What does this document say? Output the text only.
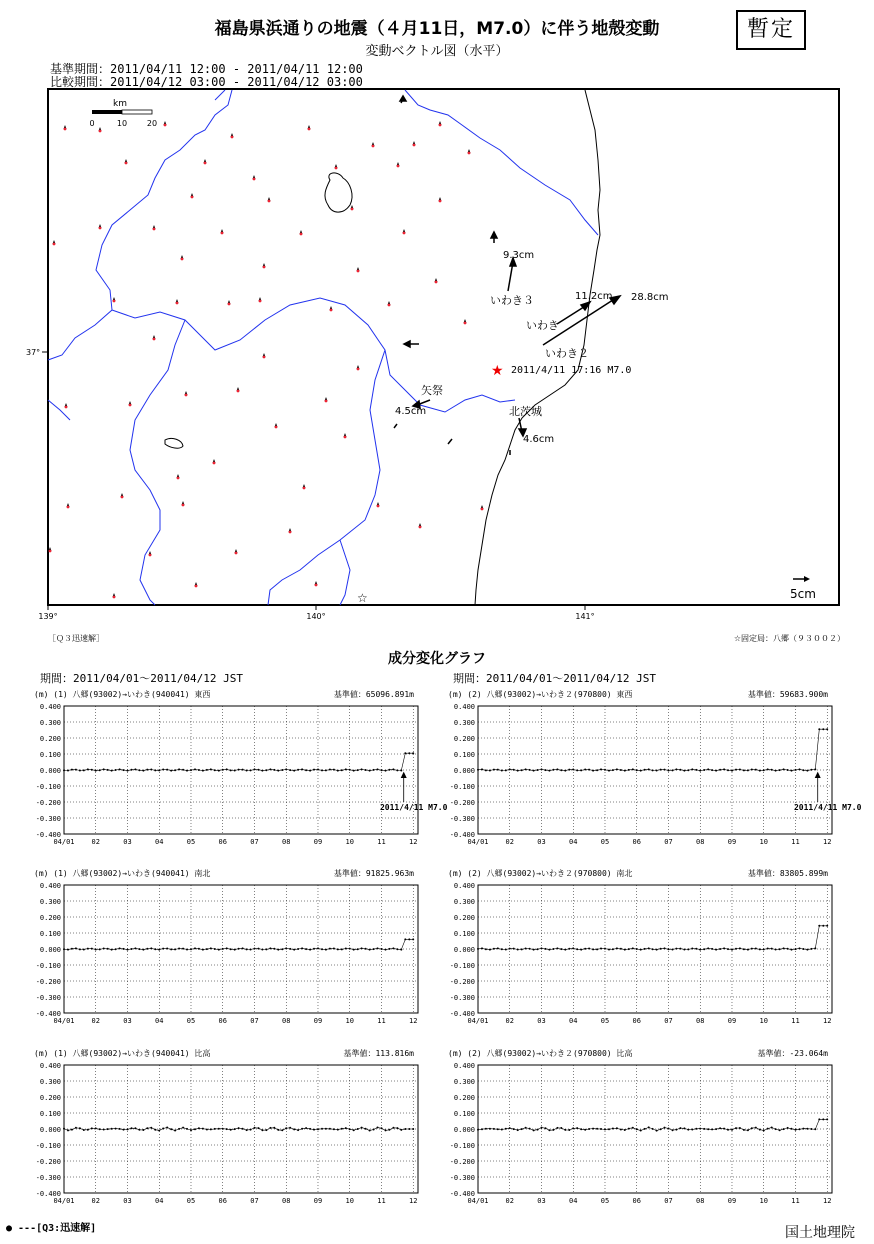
福島県浜通りの地震（４月11日，M7.0）に伴う地殻変動
変動ベクトル図（水平）
暫定
基準期間：2011/04/11 12:00 - 2011/04/11 12:00
比較期間：2011/04/12 03:00 - 2011/04/12 03:00
km
0	10 20
9.3cm
いわき３	11.2cm
いわき
28.8cm
いわき２
矢祭
4.5cm	北茨城
4.6cm
★ 2011/4/11 17:16 M7.0
☆	5cm
139°	140°	141°
37°
［Ｑ３迅速解］	☆固定局：八郷（９３００２）
成分変化グラフ
期間：2011/04/01～2011/04/12 JST	期間：2011/04/01～2011/04/12 JST
(m) (1) 八郷(93002)→いわき(940041) 東西	基準値：65096.891m
0.400
0.300
0.200
0.100
0.000
-0.100
-0.200
-0.300
-0.400
04/01 02	03	04	05	06	07	08	09	10	11	12
2011/4/11 M7.0
(m) (2) 八郷(93002)→いわき２(970800) 東西	基準値：59683.900m
0.400
0.300
0.200
0.100
0.000
-0.100
-0.200
-0.300
-0.400
04/01 02	03	04	05	06	07	08	09	10	11	12
2011/4/11 M7.0
(m) (1) 八郷(93002)→いわき(940041) 南北	基準値：91825.963m
0.400
0.300
0.200
0.100
0.000
-0.100
-0.200
-0.300
-0.400
04/01 02	03	04	05	06	07	08	09	10	11	12
(m) (2) 八郷(93002)→いわき２(970800) 南北	基準値：83805.899m
0.400
0.300
0.200
0.100
0.000
-0.100
-0.200
-0.300
-0.400
04/01 02	03	04	05	06	07	08	09	10	11	12
(m) (1) 八郷(93002)→いわき(940041) 比高	基準値：113.816m
0.400
0.300
0.200
0.100
0.000
-0.100
-0.200
-0.300
-0.400
04/01 02	03	04	05	06	07	08	09	10	11	12
(m) (2) 八郷(93002)→いわき２(970800) 比高	基準値：-23.064m
0.400
0.300
0.200
0.100
0.000
-0.100
-0.200
-0.300
-0.400
04/01 02	03	04	05	06	07	08	09	10	11	12
● ---[Q3:迅速解]	国土地理院
